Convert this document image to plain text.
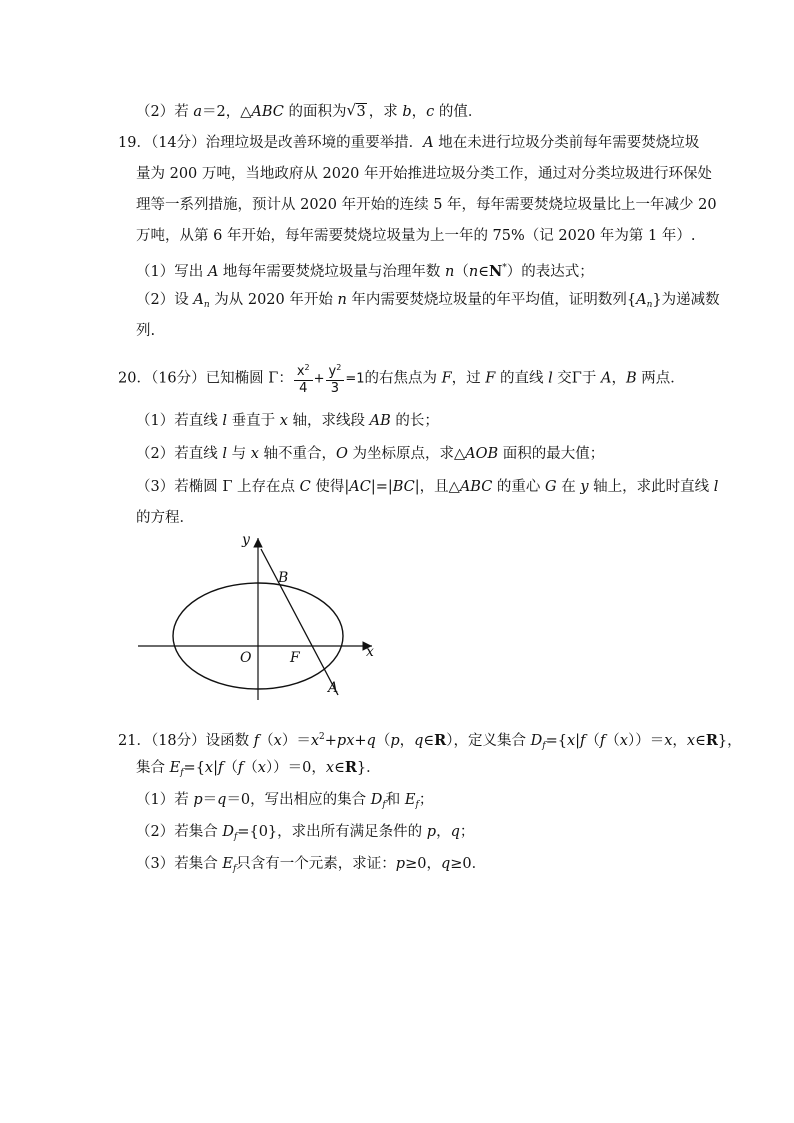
（2）若 a＝2，△ABC 的面积为 √ 3 ，求 b，c 的值．
19．（14分）治理垃圾是改善环境的重要举措．A 地在未进行垃圾分类前每年需要焚烧垃圾
量为 200 万吨，当地政府从 2020 年开始推进垃圾分类工作，通过对分类垃圾进行环保处
理等一系列措施，预计从 2020 年开始的连续 5 年，每年需要焚烧垃圾量比上一年减少 20
万吨，从第 6 年开始，每年需要焚烧垃圾量为上一年的 75%（记 2020 年为第 1 年）.
（1）写出 A 地每年需要焚烧垃圾量与治理年数 n（n∈N*）的表达式；
（2）设 $A_n$ 为从 2020 年开始 n 年内需要焚烧垃圾量的年平均值，证明数列$\{A_n\}$为递减数
列.
20．（16分）已知椭圆 Γ： $\frac{x^2}{4} + \frac{y^2}{3} =1$的右焦点为 F，过 F 的直线 l 交Γ于 A，B 两点．
（1）若直线 l 垂直于 x 轴，求线段 AB 的长；
（2）若直线 l 与 x 轴不重合，O 为坐标原点，求△AOB 面积的最大值；
（3）若椭圆 Γ 上存在点 C 使得|AC|=|BC|，且△ABC 的重心 G 在 y 轴上，求此时直线 l
的方程．
y
x
O	F
B
A
21．（18分）设函数 $f(x)=x^2+px+q(p$，q∈R），定义集合 $D_f=\{x|f(f(x))=x$，x∈R}，
集合 $E_f=\{x|f(f(x))=0$，x∈R}．
（1）若 p＝q＝0，写出相应的集合 $D_f$和 $E_f$；
（2）若集合 $D_f=\{0\}$，求出所有满足条件的 p，q；
（3）若集合 $E_f$只含有一个元素，求证：p≥0，q≥0．
